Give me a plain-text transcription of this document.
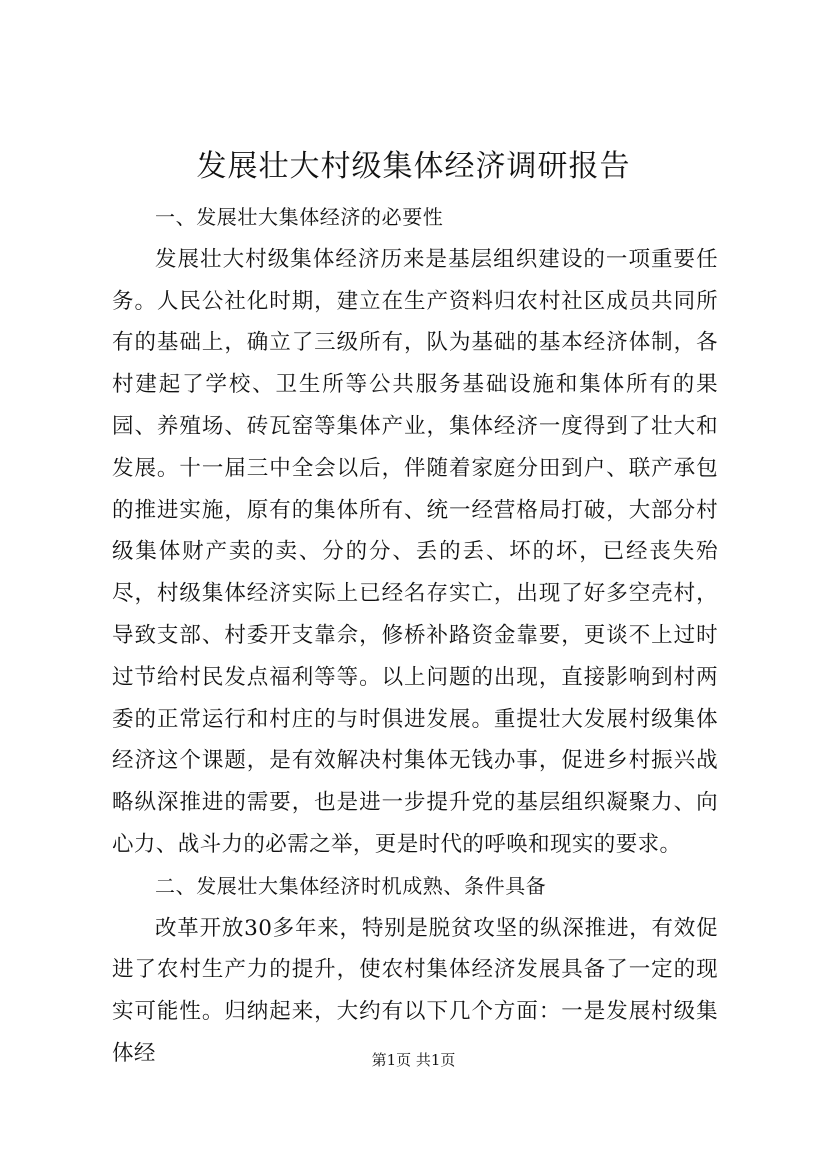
发展壮大村级集体经济调研报告

一、发展壮大集体经济的必要性

发展壮大村级集体经济历来是基层组织建设的一项重要任务。人民公社化时期，建立在生产资料归农村社区成员共同所有的基础上，确立了三级所有，队为基础的基本经济体制，各村建起了学校、卫生所等公共服务基础设施和集体所有的果园、养殖场、砖瓦窑等集体产业，集体经济一度得到了壮大和发展。十一届三中全会以后，伴随着家庭分田到户、联产承包的推进实施，原有的集体所有、统一经营格局打破，大部分村级集体财产卖的卖、分的分、丢的丢、坏的坏，已经丧失殆尽，村级集体经济实际上已经名存实亡，出现了好多空壳村，导致支部、村委开支靠佘，修桥补路资金靠要，更谈不上过时过节给村民发点福利等等。以上问题的出现，直接影响到村两委的正常运行和村庄的与时俱进发展。重提壮大发展村级集体经济这个课题，是有效解决村集体无钱办事，促进乡村振兴战略纵深推进的需要，也是进一步提升党的基层组织凝聚力、向心力、战斗力的必需之举，更是时代的呼唤和现实的要求。

二、发展壮大集体经济时机成熟、条件具备

改革开放30多年来，特别是脱贫攻坚的纵深推进，有效促进了农村生产力的提升，使农村集体经济发展具备了一定的现实可能性。归纳起来，大约有以下几个方面：一是发展村级集体经	第1页 共1页
